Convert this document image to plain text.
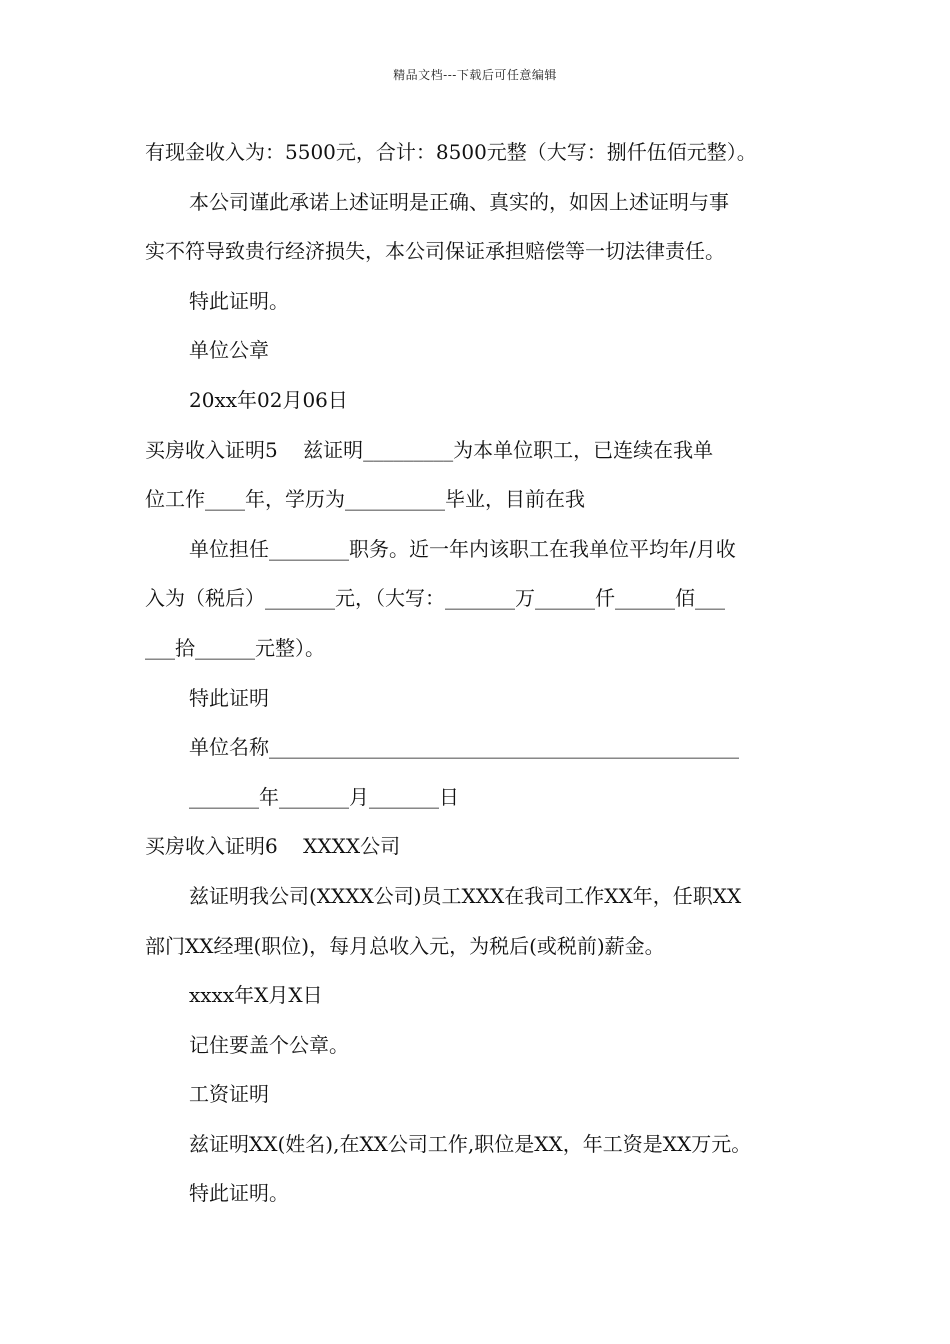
精品文档---下载后可任意编辑
有现金收入为：5500元，合计：8500元整（大写：捌仟伍佰元整）。
本公司谨此承诺上述证明是正确、真实的，如因上述证明与事
实不符导致贵行经济损失，本公司保证承担赔偿等一切法律责任。
特此证明。
单位公章
20xx年02月06日
买房收入证明5    兹证明_________为本单位职工，已连续在我单
位工作____年，学历为__________毕业，目前在我
单位担任________职务。近一年内该职工在我单位平均年/月收
入为（税后）_______元，（大写：_______万______仟______佰___
___拾______元整）。
特此证明
单位名称_______________________________________________
_______年_______月_______日
买房收入证明6    XXXX公司
兹证明我公司(XXXX公司)员工XXX在我司工作XX年，任职XX
部门XX经理(职位)，每月总收入元，为税后(或税前)薪金。
xxxx年X月X日
记住要盖个公章。
工资证明
兹证明XX(姓名),在XX公司工作,职位是XX，年工资是XX万元。
特此证明。
